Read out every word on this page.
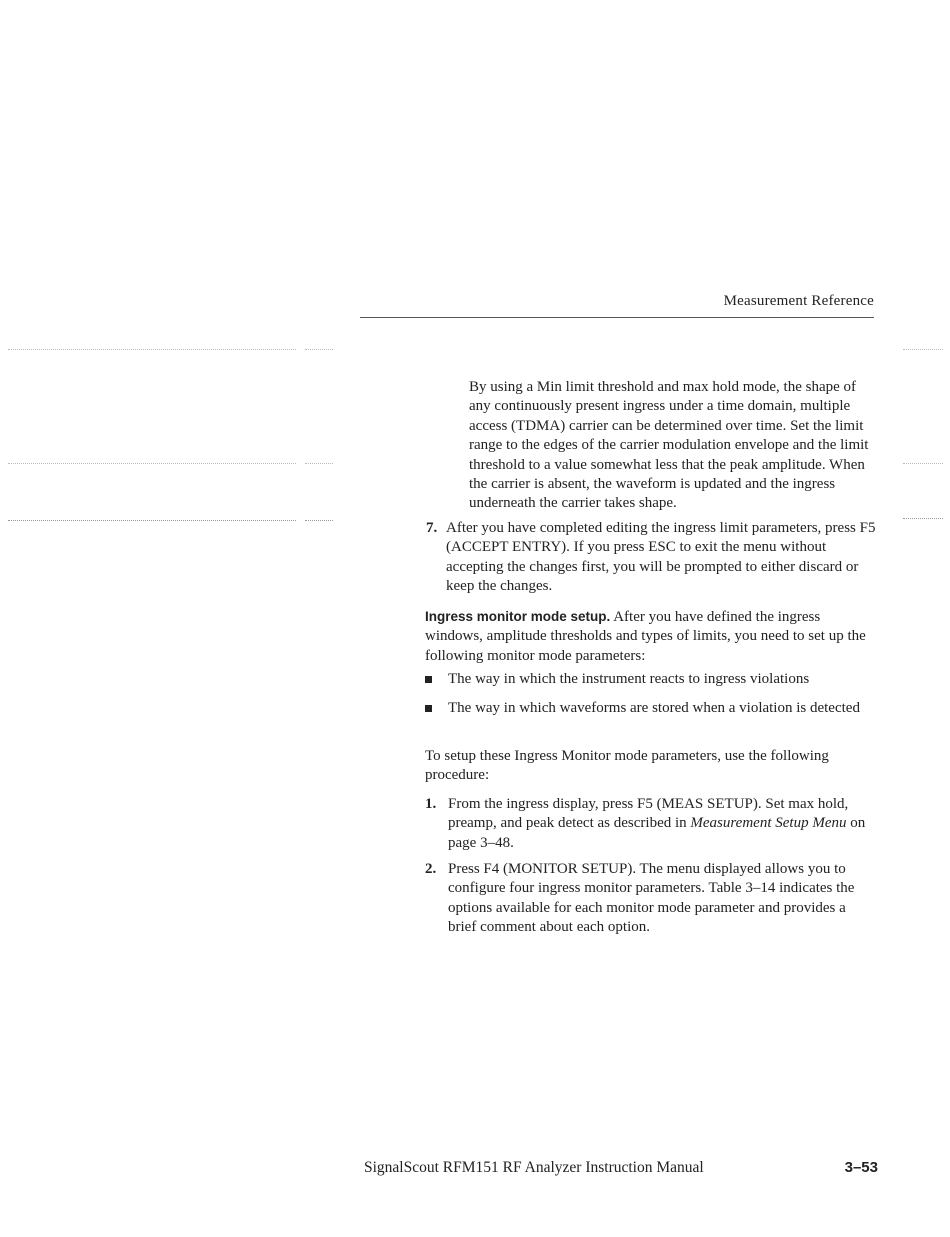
Measurement Reference
By using a Min limit threshold and max hold mode, the shape of any continuously present ingress under a time domain, multiple access (TDMA) carrier can be determined over time. Set the limit range to the edges of the carrier modulation envelope and the limit threshold to a value somewhat less that the peak amplitude. When the carrier is absent, the waveform is updated and the ingress underneath the carrier takes shape.
7. After you have completed editing the ingress limit parameters, press F5 (ACCEPT ENTRY). If you press ESC to exit the menu without accepting the changes first, you will be prompted to either discard or keep the changes.
Ingress monitor mode setup. After you have defined the ingress windows, amplitude thresholds and types of limits, you need to set up the following monitor mode parameters:
The way in which the instrument reacts to ingress violations
The way in which waveforms are stored when a violation is detected
To setup these Ingress Monitor mode parameters, use the following procedure:
1. From the ingress display, press F5 (MEAS SETUP). Set max hold, preamp, and peak detect as described in Measurement Setup Menu on page 3–48.
2. Press F4 (MONITOR SETUP). The menu displayed allows you to configure four ingress monitor parameters. Table 3–14 indicates the options available for each monitor mode parameter and provides a brief comment about each option.
SignalScout RFM151 RF Analyzer Instruction Manual	3–53
